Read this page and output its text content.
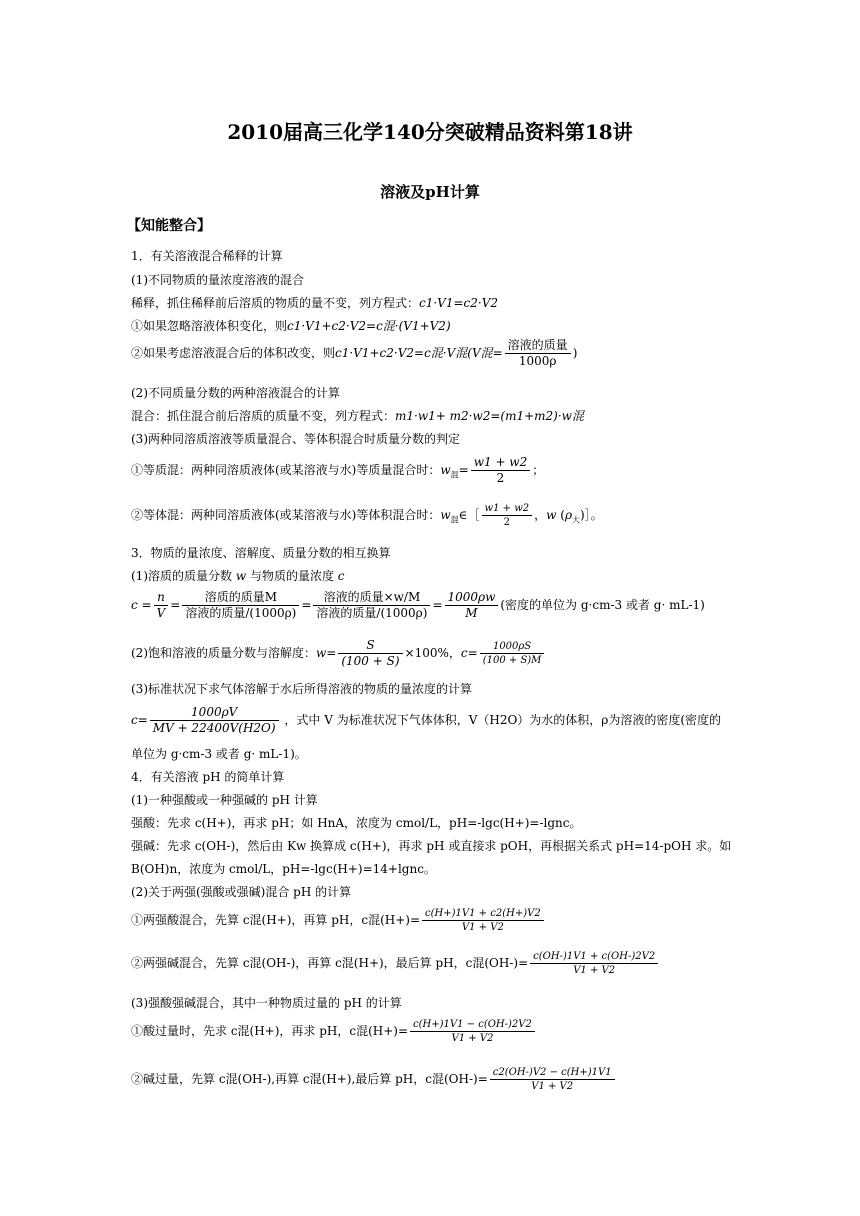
2010届高三化学140分突破精品资料第18讲
溶液及pH计算
【知能整合】
1．有关溶液混合稀释的计算
(1)不同物质的量浓度溶液的混合
稀释，抓住稀释前后溶质的物质的量不变，列方程式：c1·V1=c2·V2
①如果忽略溶液体积变化，则c1·V1+c2·V2=c混·(V1+V2)
②如果考虑溶液混合后的体积改变，则c1·V1+c2·V2=c混·V混(V混= $\frac{\text{溶液的质量}}{1000\rho}$ )
(2)不同质量分数的两种溶液混合的计算
混合：抓住混合前后溶质的质量不变，列方程式：m1·w1+ m2·w2=(m1+m2)·w混
(3)两种同溶质溶液等质量混合、等体积混合时质量分数的判定
①等质混：两种同溶质液体(或某溶液与水)等质量混合时：$w_混= \frac{w1 + w2}{2}$ ；
②等体混：两种同溶质液体(或某溶液与水)等体积混合时：$w_混\in[ \frac{w1 + w2}{2}$ ，w $(\rho_大)]$。
3．物质的量浓度、溶解度、质量分数的相互换算
(1)溶质的质量分数 w 与物质的量浓度 c
$c = \frac{n}{V} = \frac{\text{溶质的质量M}}{\text{溶液的质量/(1000ρ)}} = \frac{\text{溶液的质量×w/M}}{\text{溶液的质量/(1000ρ)}} = \frac{1000\rho w}{M}$ (密度的单位为 g·cm-3 或者 g· mL-1)
(2)饱和溶液的质量分数与溶解度：$w= \frac{S}{(100 + S)} \times 100\%$，$c= \frac{1000\rho S}{(100 + S)M}$
(3)标准状况下求气体溶解于水后所得溶液的物质的量浓度的计算
$c= \frac{1000\rho V}{MV + 22400V(H2O)}$ ，式中 V 为标准状况下气体体积，V（H2O）为水的体积，ρ为溶液的密度(密度的
单位为 g·cm-3 或者 g· mL-1)。
4．有关溶液 pH 的简单计算
(1)一种强酸或一种强碱的 pH 计算
强酸：先求 c(H+)，再求 pH；如 HnA，浓度为 cmol/L，pH=-lgc(H+)=-lgnc。
强碱：先求 c(OH-)，然后由 Kw 换算成 c(H+)，再求 pH 或直接求 pOH，再根据关系式 pH=14-pOH 求。如
B(OH)n，浓度为 cmol/L，pH=-lgc(H+)=14+lgnc。
(2)关于两强(强酸或强碱)混合 pH 的计算
①两强酸混合，先算 c混(H+)，再算 pH，c混$(H+)= \frac{c(H+)1V1 + c2(H+)V2}{V1 + V2}$
②两强碱混合，先算 c混(OH-)，再算 c混(H+)，最后算 pH，c混$(OH-)= \frac{c(OH-)1V1 + c(OH-)2V2}{V1 + V2}$
(3)强酸强碱混合，其中一种物质过量的 pH 的计算
①酸过量时，先求 c混(H+)，再求 pH，c混$(H+)= \frac{c(H+)1V1 - c(OH-)2V2}{V1 + V2}$
②碱过量，先算 c混(OH-),再算 c混(H+),最后算 pH，c混$(OH-)= \frac{c2(OH-)V2 - c(H+)1V1}{V1 + V2}$
